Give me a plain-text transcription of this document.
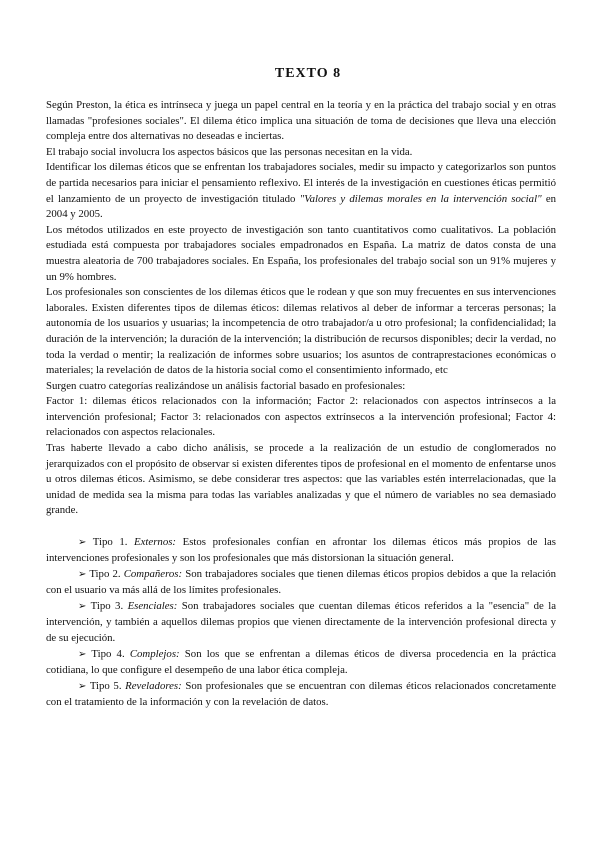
TEXTO 8

Según Preston, la ética es intrínseca y juega un papel central en la teoría y en la práctica del trabajo social y en otras llamadas "profesiones sociales". El dilema ético implica una situación de toma de decisiones que lleva una elección compleja entre dos alternativas no deseadas e inciertas.

El trabajo social involucra los aspectos básicos que las personas necesitan en la vida.

Identificar los dilemas éticos que se enfrentan los trabajadores sociales, medir su impacto y categorizarlos son puntos de partida necesarios para iniciar el pensamiento reflexivo. El interés de la investigación en cuestiones éticas permitió el lanzamiento de un proyecto de investigación titulado "Valores y dilemas morales en la intervención social" en 2004 y 2005.

Los métodos utilizados en este proyecto de investigación son tanto cuantitativos como cualitativos. La población estudiada está compuesta por trabajadores sociales empadronados en España. La matriz de datos consta de una muestra aleatoria de 700 trabajadores sociales. En España, los profesionales del trabajo social son un 91% mujeres y un 9% hombres.

Los profesionales son conscientes de los dilemas éticos que le rodean y que son muy frecuentes en sus intervenciones laborales. Existen diferentes tipos de dilemas éticos: dilemas relativos al deber de informar a terceras personas; la autonomía de los usuarios y usuarias; la incompetencia de otro trabajador/a u otro profesional; la confidencialidad; la duración de la intervención; la duración de la intervención; la distribución de recursos disponibles; decir la verdad, no toda la verdad o mentir; la realización de informes sobre usuarios; los asuntos de contraprestaciones económicas o materiales; la revelación de datos de la historia social como el consentimiento informado, etc

Surgen cuatro categorías realizándose un análisis factorial basado en profesionales:

Factor 1: dilemas éticos relacionados con la información; Factor 2: relacionados con aspectos intrínsecos a la intervención profesional; Factor 3: relacionados con aspectos extrínsecos a la intervención profesional; Factor 4: relacionados con aspectos relacionales.

Tras haberte llevado a cabo dicho análisis, se procede a la realización de un estudio de conglomerados no jerarquizados con el propósito de observar si existen diferentes tipos de profesional en el momento de enfentarse unos u otros dilemas éticos. Asimismo, se debe considerar tres aspectos: que las variables estén interrelacionadas, que la unidad de medida sea la misma para todas las variables analizadas y que el número de variables no sea demasiado grande.

➢ Tipo 1. Externos: Estos profesionales confían en afrontar los dilemas éticos más propios de las intervenciones profesionales y son los profesionales que más distorsionan la situación general.

➢ Tipo 2. Compañeros: Son trabajadores sociales que tienen dilemas éticos propios debidos a que la relación con el usuario va más allá de los límites profesionales.

➢ Tipo 3. Esenciales: Son trabajadores sociales que cuentan dilemas éticos referidos a la "esencia" de la intervención, y también a aquellos dilemas propios que vienen directamente de la intervención profesional directa y de su ejecución.

➢ Tipo 4. Complejos: Son los que se enfrentan a dilemas éticos de diversa procedencia en la práctica cotidiana, lo que configure el desempeño de una labor ética compleja.

➢ Tipo 5. Reveladores: Son profesionales que se encuentran con dilemas éticos relacionados concretamente con el tratamiento de la información y con la revelación de datos.
